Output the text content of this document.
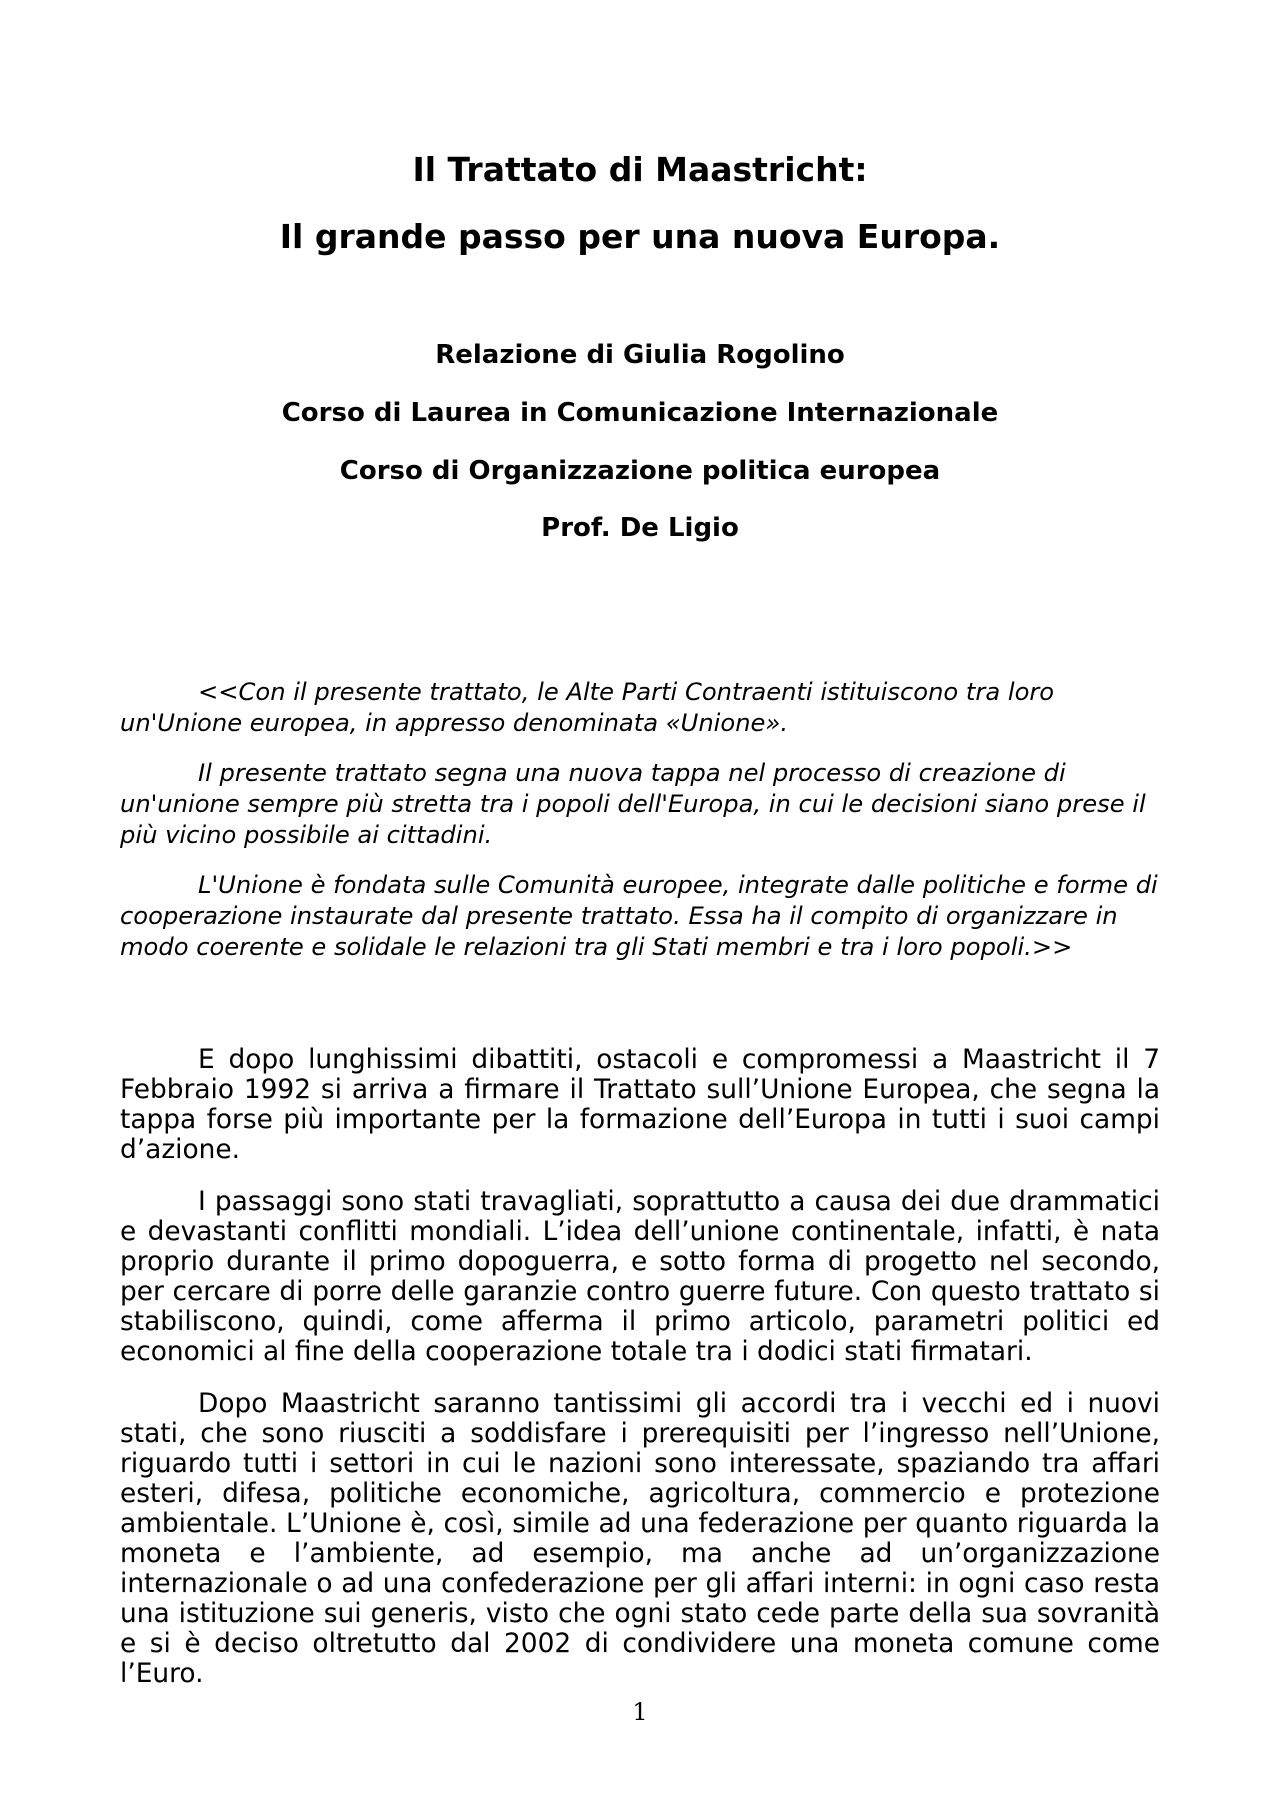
Il Trattato di Maastricht:
Il grande passo per una nuova Europa.
Relazione di Giulia Rogolino
Corso di Laurea in Comunicazione Internazionale
Corso di Organizzazione politica europea
Prof. De Ligio

<<Con il presente trattato, le Alte Parti Contraenti istituiscono tra loro un'Unione europea, in appresso denominata «Unione».

Il presente trattato segna una nuova tappa nel processo di creazione di un'unione sempre più stretta tra i popoli dell'Europa, in cui le decisioni siano prese il più vicino possibile ai cittadini.

L'Unione è fondata sulle Comunità europee, integrate dalle politiche e forme di cooperazione instaurate dal presente trattato. Essa ha il compito di organizzare in modo coerente e solidale le relazioni tra gli Stati membri e tra i loro popoli.>>

E dopo lunghissimi dibattiti, ostacoli e compromessi a Maastricht il 7 Febbraio 1992 si arriva a firmare il Trattato sull’Unione Europea, che segna la tappa forse più importante per la formazione dell’Europa in tutti i suoi campi d’azione.

I passaggi sono stati travagliati, soprattutto a causa dei due drammatici e devastanti conflitti mondiali. L’idea dell’unione continentale, infatti, è nata proprio durante il primo dopoguerra, e sotto forma di progetto nel secondo, per cercare di porre delle garanzie contro guerre future. Con questo trattato si stabiliscono, quindi, come afferma il primo articolo, parametri politici ed economici al fine della cooperazione totale tra i dodici stati firmatari.

Dopo Maastricht saranno tantissimi gli accordi tra i vecchi ed i nuovi stati, che sono riusciti a soddisfare i prerequisiti per l’ingresso nell’Unione, riguardo tutti i settori in cui le nazioni sono interessate, spaziando tra affari esteri, difesa, politiche economiche, agricoltura, commercio e protezione ambientale. L’Unione è, così, simile ad una federazione per quanto riguarda la moneta e l’ambiente, ad esempio, ma anche ad un’organizzazione internazionale o ad una confederazione per gli affari interni: in ogni caso resta una istituzione sui generis, visto che ogni stato cede parte della sua sovranità e si è deciso oltretutto dal 2002 di condividere una moneta comune come l’Euro.

1
